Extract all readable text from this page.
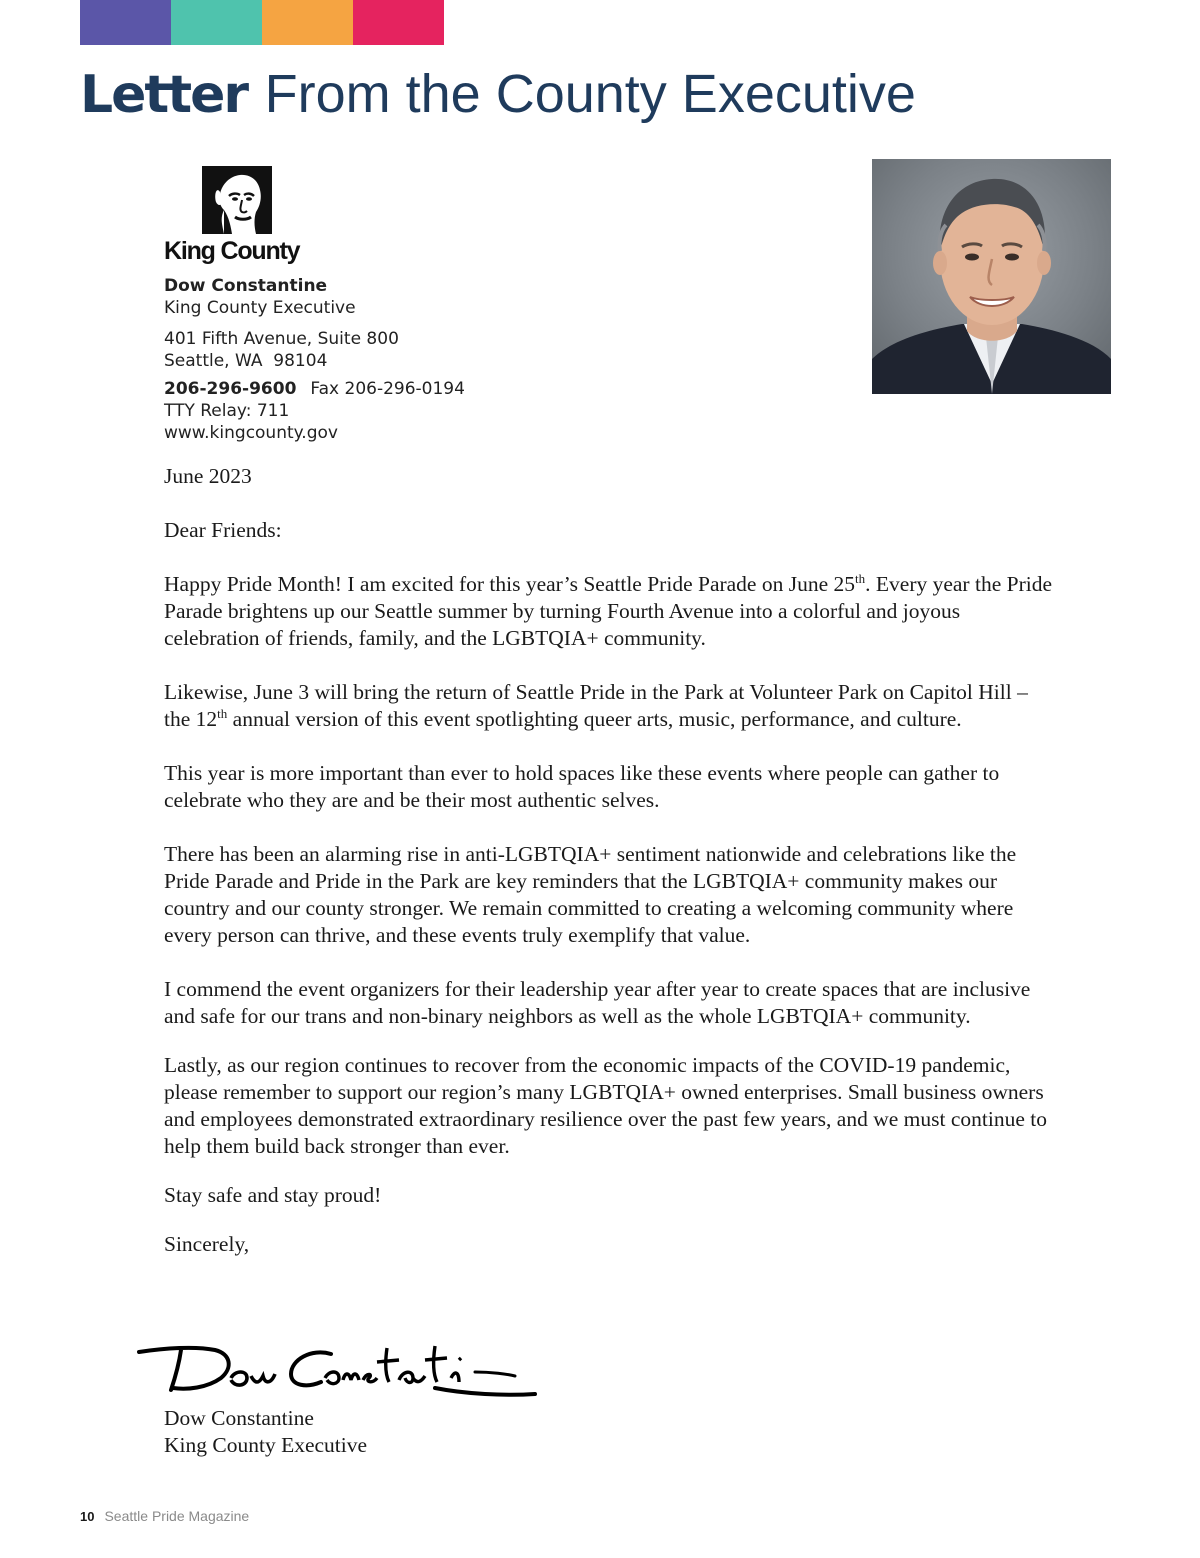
Letter From the County Executive
King County
Dow Constantine
King County Executive
401 Fifth Avenue, Suite 800
Seattle, WA  98104
206-296-9600 Fax 206-296-0194
TTY Relay: 711
www.kingcounty.gov

June 2023

Dear Friends:

Happy Pride Month! I am excited for this year’s Seattle Pride Parade on June 25th. Every year the Pride Parade brightens up our Seattle summer by turning Fourth Avenue into a colorful and joyous celebration of friends, family, and the LGBTQIA+ community.

Likewise, June 3 will bring the return of Seattle Pride in the Park at Volunteer Park on Capitol Hill – the 12th annual version of this event spotlighting queer arts, music, performance, and culture.

This year is more important than ever to hold spaces like these events where people can gather to celebrate who they are and be their most authentic selves.

There has been an alarming rise in anti-LGBTQIA+ sentiment nationwide and celebrations like the Pride Parade and Pride in the Park are key reminders that the LGBTQIA+ community makes our country and our county stronger. We remain committed to creating a welcoming community where every person can thrive, and these events truly exemplify that value.

I commend the event organizers for their leadership year after year to create spaces that are inclusive and safe for our trans and non-binary neighbors as well as the whole LGBTQIA+ community.

Lastly, as our region continues to recover from the economic impacts of the COVID-19 pandemic, please remember to support our region’s many LGBTQIA+ owned enterprises. Small business owners and employees demonstrated extraordinary resilience over the past few years, and we must continue to help them build back stronger than ever.

Stay safe and stay proud!

Sincerely,

Dow Constantine
King County Executive
10 Seattle Pride Magazine
